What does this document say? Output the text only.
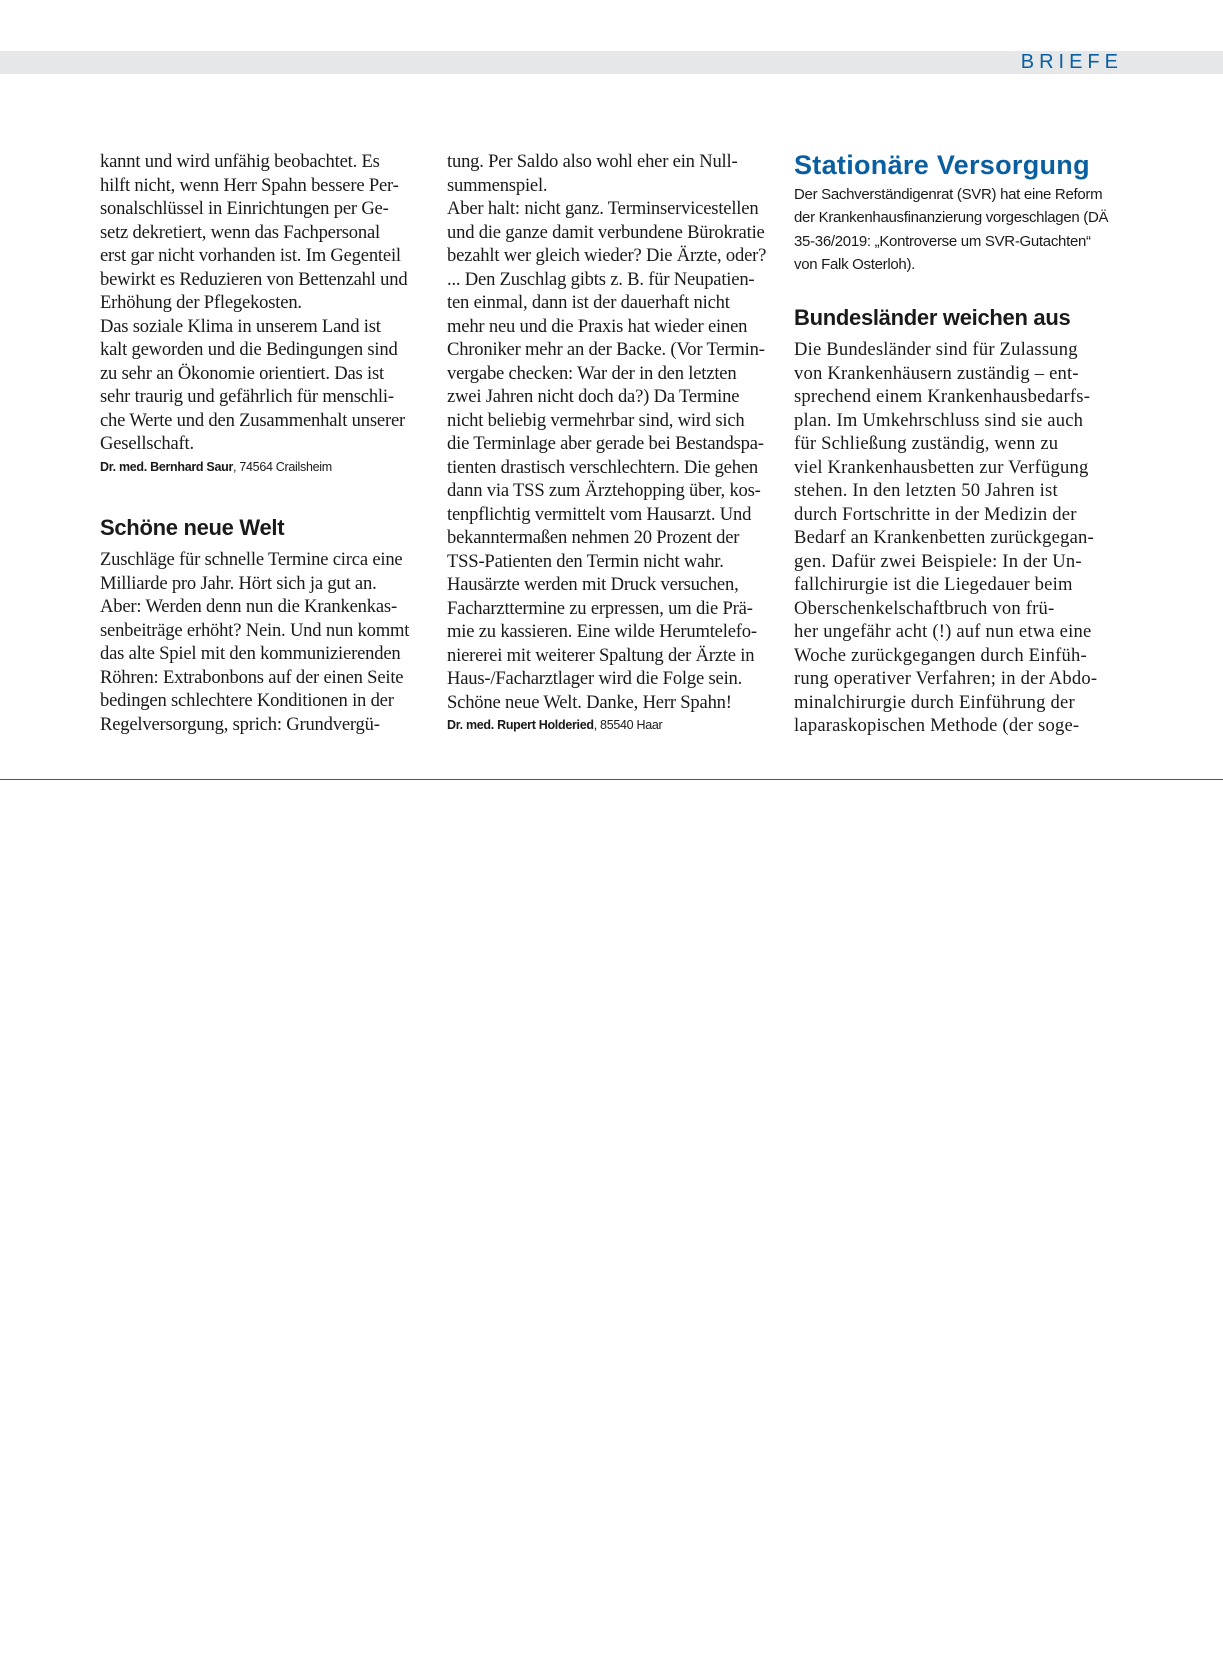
BRIEFE

kannt und wird unfähig beobachtet. Es
hilft nicht, wenn Herr Spahn bessere Per-
sonalschlüssel in Einrichtungen per Ge-
setz dekretiert, wenn das Fachpersonal
erst gar nicht vorhanden ist. Im Gegenteil
bewirkt es Reduzieren von Bettenzahl und
Erhöhung der Pflegekosten.
Das soziale Klima in unserem Land ist
kalt geworden und die Bedingungen sind
zu sehr an Ökonomie orientiert. Das ist
sehr traurig und gefährlich für menschli-
che Werte und den Zusammenhalt unserer
Gesellschaft.

Dr. med. Bernhard Saur, 74564 Crailsheim

Schöne neue Welt

Zuschläge für schnelle Termine circa eine
Milliarde pro Jahr. Hört sich ja gut an.
Aber: Werden denn nun die Krankenkas-
senbeiträge erhöht? Nein. Und nun kommt
das alte Spiel mit den kommunizierenden
Röhren: Extrabonbons auf der einen Seite
bedingen schlechtere Konditionen in der
Regelversorgung, sprich: Grundvergü-

tung. Per Saldo also wohl eher ein Null-
summenspiel.
Aber halt: nicht ganz. Terminservicestellen
und die ganze damit verbundene Bürokratie
bezahlt wer gleich wieder? Die Ärzte, oder?
... Den Zuschlag gibts z. B. für Neupatien-
ten einmal, dann ist der dauerhaft nicht
mehr neu und die Praxis hat wieder einen
Chroniker mehr an der Backe. (Vor Termin-
vergabe checken: War der in den letzten
zwei Jahren nicht doch da?) Da Termine
nicht beliebig vermehrbar sind, wird sich
die Terminlage aber gerade bei Bestandspa-
tienten drastisch verschlechtern. Die gehen
dann via TSS zum Ärztehopping über, kos-
tenpflichtig vermittelt vom Hausarzt. Und
bekanntermaßen nehmen 20 Prozent der
TSS-Patienten den Termin nicht wahr.
Hausärzte werden mit Druck versuchen,
Facharzttermine zu erpressen, um die Prä-
mie zu kassieren. Eine wilde Herumtelefo-
niererei mit weiterer Spaltung der Ärzte in
Haus-/Facharztlager wird die Folge sein.
Schöne neue Welt. Danke, Herr Spahn!

Dr. med. Rupert Holderied, 85540 Haar

Stationäre Versorgung

Der Sachverständigenrat (SVR) hat eine Reform
der Krankenhausfinanzierung vorgeschlagen (DÄ
35-36/2019: „Kontroverse um SVR-Gutachten“
von Falk Osterloh).

Bundesländer weichen aus

Die Bundesländer sind für Zulassung
von Krankenhäusern zuständig – ent-
sprechend einem Krankenhausbedarfs-
plan. Im Umkehrschluss sind sie auch
für Schließung zuständig, wenn zu
viel Krankenhausbetten zur Verfügung
stehen. In den letzten 50 Jahren ist
durch Fortschritte in der Medizin der
Bedarf an Krankenbetten zurückgegan-
gen. Dafür zwei Beispiele: In der Un-
fallchirurgie ist die Liegedauer beim
Oberschenkelschaftbruch von frü-
her ungefähr acht (!) auf nun etwa eine
Woche zurückgegangen durch Einfüh-
rung operativer Verfahren; in der Abdo-
minalchirurgie durch Einführung der
laparaskopischen Methode (der soge-
